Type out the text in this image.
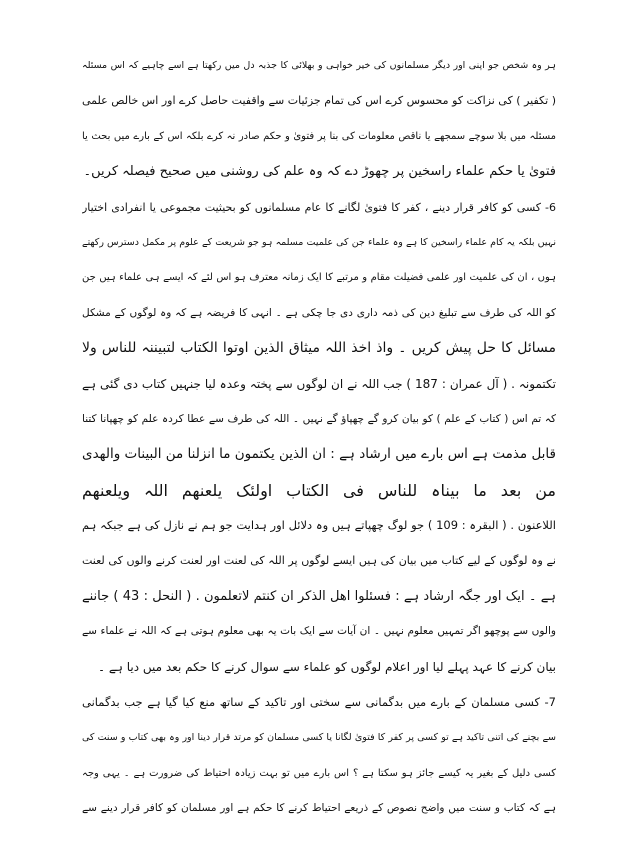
ہر وہ شخص جو اپنی اور دیگر مسلمانوں کی خیر خواہی و بھلائی کا جذبہ دل میں رکھتا ہے اسے چاہیے کہ اس مسئلہ
( تکفیر ) کی نزاکت کو محسوس کرے اس کی تمام جزئیات سے واقفیت حاصل کرے اور اس خالص علمی
مسئلہ میں بلا سوچے سمجھے یا ناقص معلومات کی بنا پر فتویٰ و حکم صادر نہ کرے بلکہ اس کے بارے میں بحث یا
فتویٰ یا حکم علماء راسخین پر چھوڑ دے کہ وہ علم کی روشنی میں صحیح فیصلہ کریں۔
6- کسی کو کافر قرار دینے ، کفر کا فتویٰ لگانے کا عام مسلمانوں کو بحیثیت مجموعی یا انفرادی اختیار
نہیں بلکہ یہ کام علماء راسخین کا ہے وہ علماء جن کی علمیت مسلمہ ہو جو شریعت کے علوم پر مکمل دسترس رکھتے
ہوں ، ان کی علمیت اور علمی فضیلت مقام و مرتبے کا ایک زمانہ معترف ہو اس لئے کہ ایسے ہی علماء ہیں جن
کو اللہ کی طرف سے تبلیغ دین کی ذمہ داری دی جا چکی ہے ۔ انہی کا فریضہ ہے کہ وہ لوگوں کے مشکل
مسائل کا حل پیش کریں ۔ واذ اخذ اللہ میثاق الذین اوتوا الکتاب لتبیننہ للناس ولا
تکتمونہ . ( آل عمران : 187 ) جب اللہ نے ان لوگوں سے پختہ وعدہ لیا جنہیں کتاب دی گئی ہے
کہ تم اس ( کتاب کے علم ) کو بیان کرو گے چھپاؤ گے نہیں ۔ اللہ کی طرف سے عطا کردہ علم کو چھپانا کتنا
قابل مذمت ہے اس بارے میں ارشاد ہے : ان الذین یکتمون ما انزلنا من البینات والھدی
من بعد ما بیناہ للناس فی الکتاب اولئک یلعنھم اللہ ویلعنھم
اللاعنون . ( البقرہ : 109 ) جو لوگ چھپاتے ہیں وہ دلائل اور ہدایت جو ہم نے نازل کی ہے جبکہ ہم
نے وہ لوگوں کے لیے کتاب میں بیان کی ہیں ایسے لوگوں پر اللہ کی لعنت اور لعنت کرنے والوں کی لعنت
ہے ۔ ایک اور جگہ ارشاد ہے : فسئلوا اھل الذکر ان کنتم لاتعلمون . ( النحل : 43 ) جاننے
والوں سے پوچھو اگر تمہیں معلوم نہیں ۔ ان آیات سے ایک بات یہ بھی معلوم ہوتی ہے کہ اللہ نے علماء سے
بیان کرنے کا عہد پہلے لیا اور اعلام لوگوں کو علماء سے سوال کرنے کا حکم بعد میں دیا ہے ۔
7- کسی مسلمان کے بارے میں بدگمانی سے سختی اور تاکید کے ساتھ منع کیا گیا ہے جب بدگمانی
سے بچنے کی اتنی تاکید ہے تو کسی پر کفر کا فتویٰ لگانا یا کسی مسلمان کو مرتد قرار دینا اور وہ بھی کتاب و سنت کی
کسی دلیل کے بغیر یہ کیسے جائز ہو سکتا ہے ؟ اس بارے میں تو بہت زیادہ احتیاط کی ضرورت ہے ۔ یہی وجہ
ہے کہ کتاب و سنت میں واضح نصوص کے ذریعے احتیاط کرنے کا حکم ہے اور مسلمان کو کافر قرار دینے سے
